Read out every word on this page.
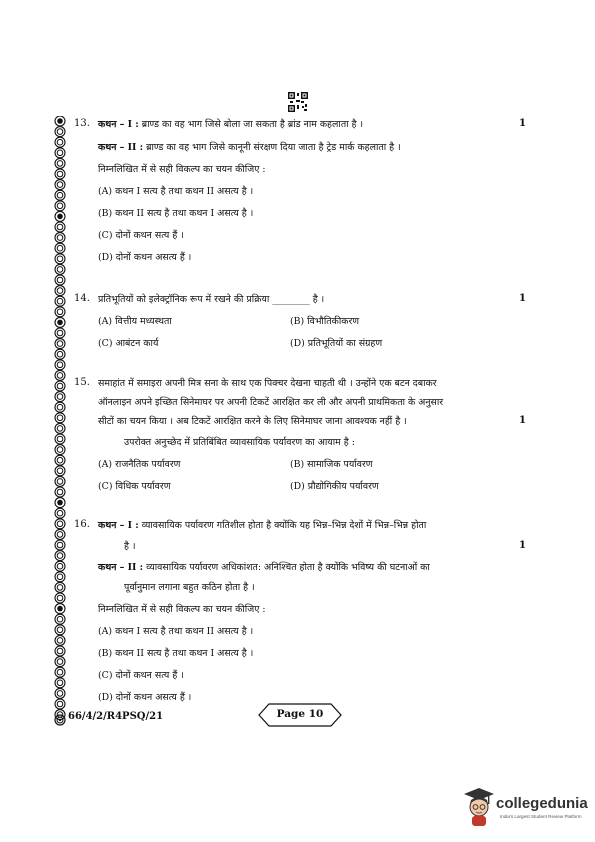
13. कथन – I : ब्राण्ड का वह भाग जिसे बोला जा सकता है ब्रांड नाम कहलाता है ।	1
कथन – II : ब्राण्ड का वह भाग जिसे कानूनी संरक्षण दिया जाता है ट्रेड मार्क कहलाता है ।
निम्नलिखित में से सही विकल्प का चयन कीजिए :
(A) कथन I सत्य है तथा कथन II असत्य है ।
(B) कथन II सत्य है तथा कथन I असत्य है ।
(C) दोनों कथन सत्य हैं ।
(D) दोनों कथन असत्य हैं ।
14. प्रतिभूतियों को इलेक्ट्रॉनिक रूप में रखने की प्रक्रिया ________ है ।	1
(A) वित्तीय मध्यस्थता	(B) विभौतिकीकरण
(C) आबंटन कार्य	(D) प्रतिभूतियों का संग्रहण
15. समाहांत में समाइरा अपनी मित्र सना के साथ एक पिक्चर देखना चाहती थी । उन्होंने एक बटन दबाकर
ऑनलाइन अपने इच्छित सिनेमाघर पर अपनी टिकटें आरक्षित कर ली और अपनी प्राथमिकता के अनुसार
सीटों का चयन किया । अब टिकटें आरक्षित करने के लिए सिनेमाघर जाना आवश्यक नहीं है ।	1
उपरोक्त अनुच्छेद में प्रतिबिंबित व्यावसायिक पर्यावरण का आयाम है :
(A) राजनैतिक पर्यावरण	(B) सामाजिक पर्यावरण
(C) विधिक पर्यावरण	(D) प्रौद्योगिकीय पर्यावरण
16. कथन – I : व्यावसायिक पर्यावरण गतिशील होता है क्योंकि यह भिन्न–भिन्न देशों में भिन्न–भिन्न होता
है ।	1
कथन – II : व्यावसायिक पर्यावरण अधिकांशत: अनिश्चित होता है क्योंकि भविष्य की घटनाओं का
पूर्वानुमान लगाना बहुत कठिन होता है ।
निम्नलिखित में से सही विकल्प का चयन कीजिए :
(A) कथन I सत्य है तथा कथन II असत्य है ।
(B) कथन II सत्य है तथा कथन I असत्य है ।
(C) दोनों कथन सत्य हैं ।
(D) दोनों कथन असत्य हैं ।
66/4/2/R4PSQ/21	Page 10
collegedunia
India's Largest Student Review Platform
